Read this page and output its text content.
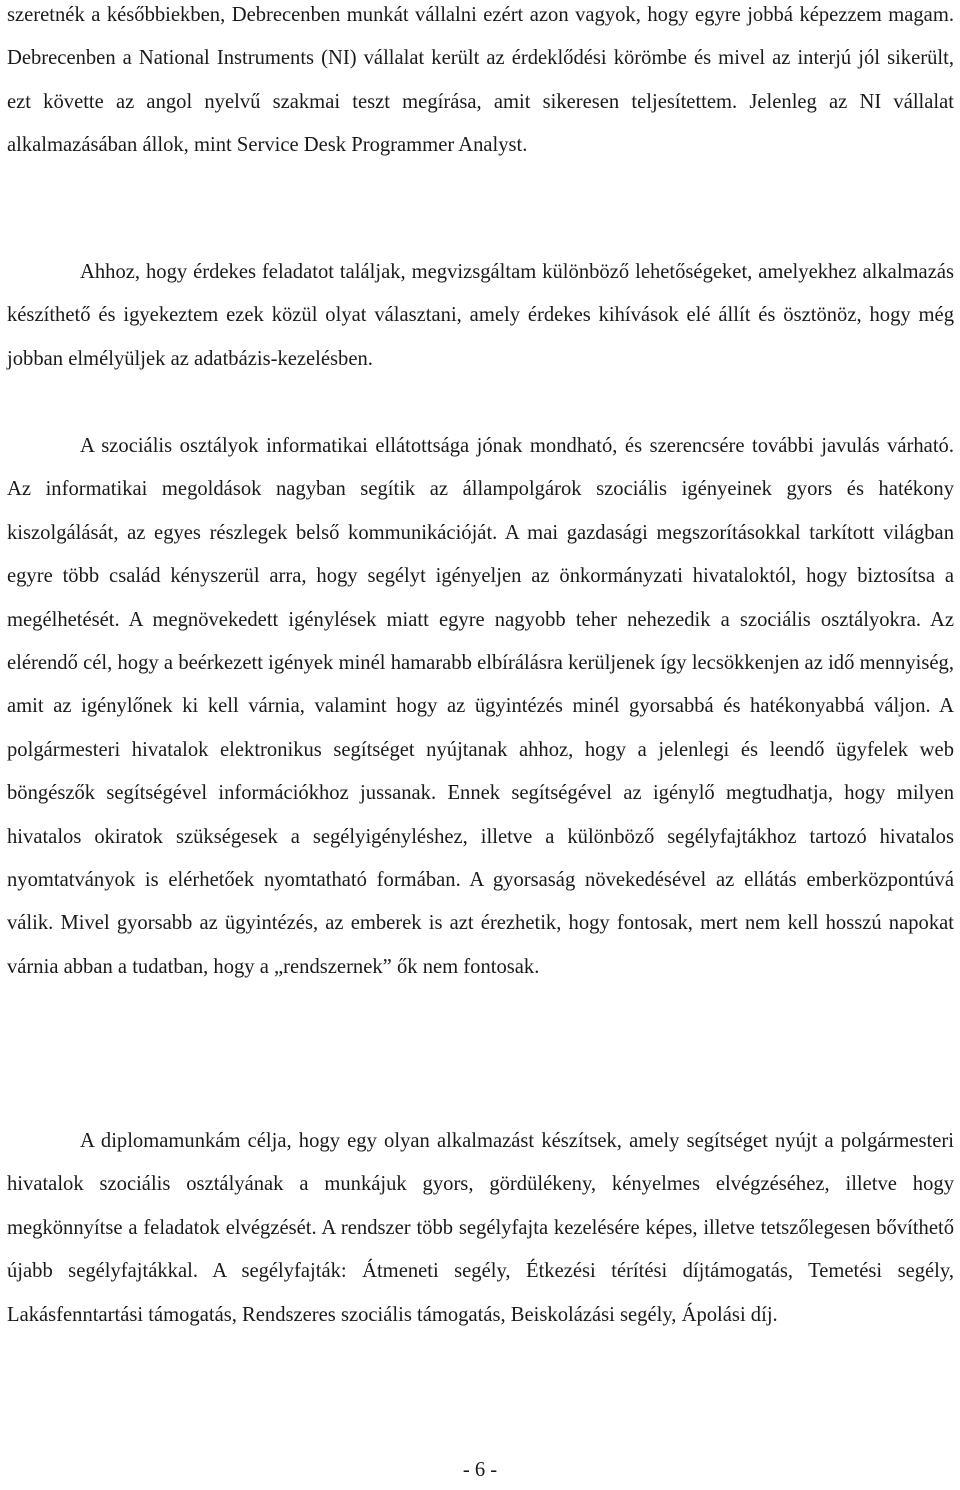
szeretnék a későbbiekben, Debrecenben munkát vállalni ezért azon vagyok, hogy egyre jobbá képezzem magam. Debrecenben a National Instruments (NI) vállalat került az érdeklődési körömbe és mivel az interjú jól sikerült, ezt követte az angol nyelvű szakmai teszt megírása, amit sikeresen teljesítettem. Jelenleg az NI vállalat alkalmazásában állok, mint Service Desk Programmer Analyst.

Ahhoz, hogy érdekes feladatot találjak, megvizsgáltam különböző lehetőségeket, amelyekhez alkalmazás készíthető és igyekeztem ezek közül olyat választani, amely érdekes kihívások elé állít és ösztönöz, hogy még jobban elmélyüljek az adatbázis-kezelésben.

A szociális osztályok informatikai ellátottsága jónak mondható, és szerencsére további javulás várható. Az informatikai megoldások nagyban segítik az állampolgárok szociális igényeinek gyors és hatékony kiszolgálását, az egyes részlegek belső kommunikációját. A mai gazdasági megszorításokkal tarkított világban egyre több család kényszerül arra, hogy segélyt igényeljen az önkormányzati hivataloktól, hogy biztosítsa a megélhetését. A megnövekedett igénylések miatt egyre nagyobb teher nehezedik a szociális osztályokra. Az elérendő cél, hogy a beérkezett igények minél hamarabb elbírálásra kerüljenek így lecsökkenjen az idő mennyiség, amit az igénylőnek ki kell várnia, valamint hogy az ügyintézés minél gyorsabbá és hatékonyabbá váljon. A polgármesteri hivatalok elektronikus segítséget nyújtanak ahhoz, hogy a jelenlegi és leendő ügyfelek web böngészők segítségével információkhoz jussanak. Ennek segítségével az igénylő megtudhatja, hogy milyen hivatalos okiratok szükségesek a segélyigényléshez, illetve a különböző segélyfajtákhoz tartozó hivatalos nyomtatványok is elérhetőek nyomtatható formában. A gyorsaság növekedésével az ellátás emberközpontúvá válik. Mivel gyorsabb az ügyintézés, az emberek is azt érezhetik, hogy fontosak, mert nem kell hosszú napokat várnia abban a tudatban, hogy a „rendszernek” ők nem fontosak.

A diplomamunkám célja, hogy egy olyan alkalmazást készítsek, amely segítséget nyújt a polgármesteri hivatalok szociális osztályának a munkájuk gyors, gördülékeny, kényelmes elvégzéséhez, illetve hogy megkönnyítse a feladatok elvégzését. A rendszer több segélyfajta kezelésére képes, illetve tetszőlegesen bővíthető újabb segélyfajtákkal. A segélyfajták: Átmeneti segély, Étkezési térítési díjtámogatás, Temetési segély, Lakásfenntartási támogatás, Rendszeres szociális támogatás, Beiskolázási segély, Ápolási díj.

- 6 -
